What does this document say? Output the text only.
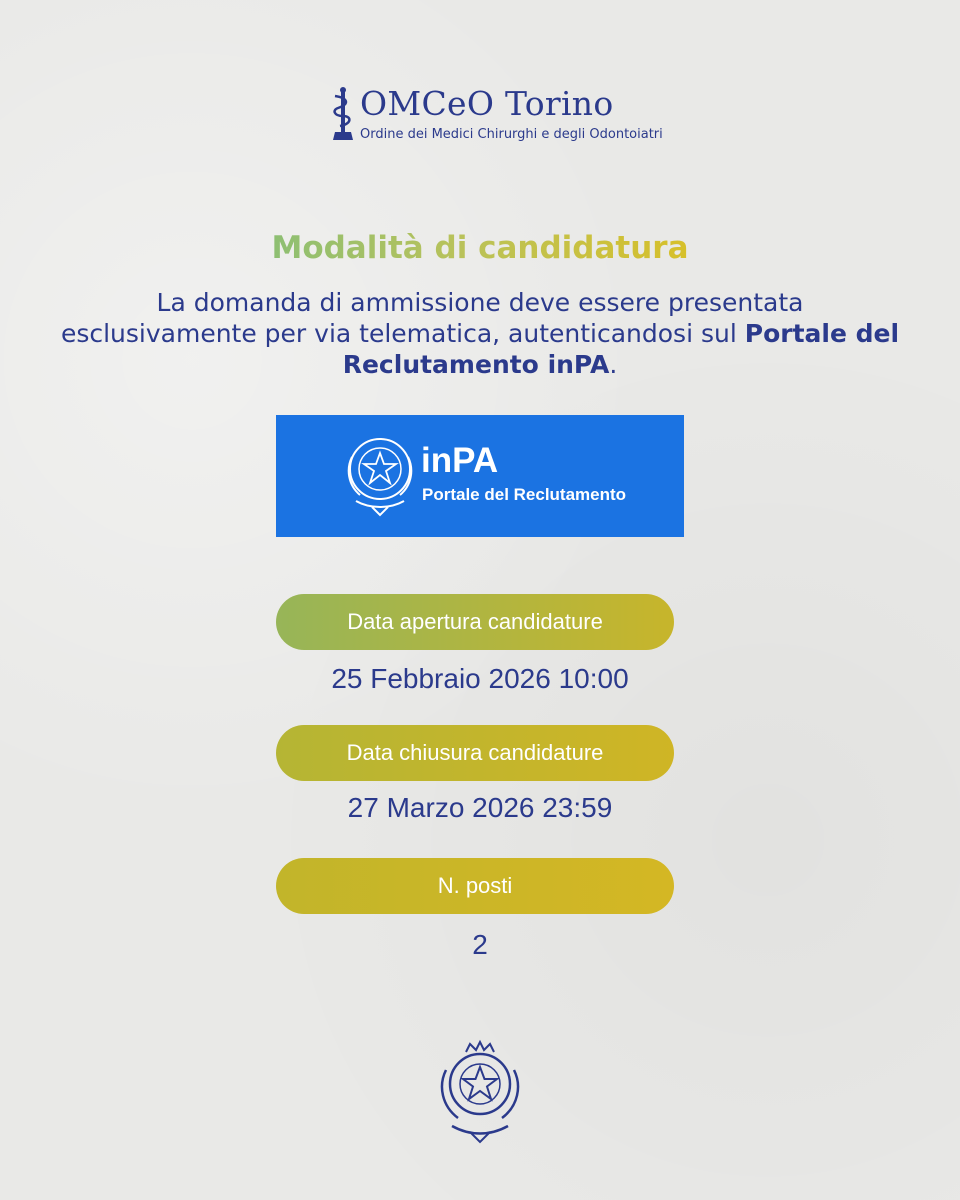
OMCeO Torino
Ordine dei Medici Chirurghi e degli Odontoiatri
Modalità di candidatura
La domanda di ammissione deve essere presentata esclusivamente per via telematica, autenticandosi sul Portale del Reclutamento inPA.
inPA
Portale del Reclutamento
Data apertura candidature
25 Febbraio 2026 10:00
Data chiusura candidature
27 Marzo 2026 23:59
N. posti
2
